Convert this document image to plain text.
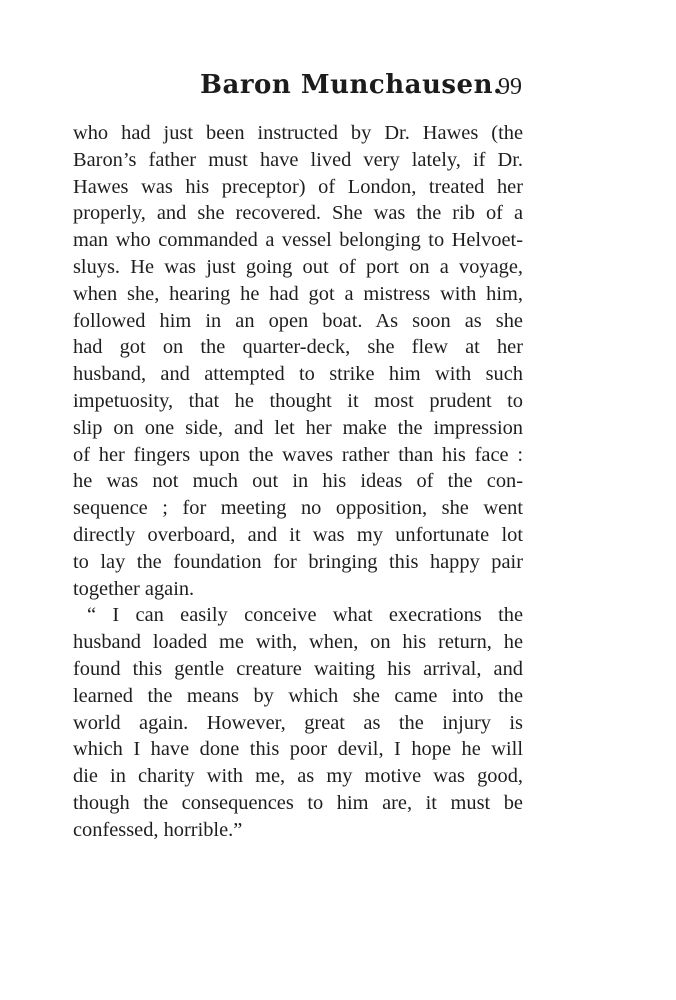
Baron Munchausen.
99
who had just been instructed by Dr. Hawes (the
Baron’s father must have lived very lately, if Dr.
Hawes was his preceptor) of London, treated her
properly, and she recovered. She was the rib of a
man who commanded a vessel belonging to Helvoet-
sluys. He was just going out of port on a voyage,
when she, hearing he had got a mistress with him,
followed him in an open boat. As soon as she
had got on the quarter-deck, she flew at her
husband, and attempted to strike him with such
impetuosity, that he thought it most prudent to
slip on one side, and let her make the impression
of her fingers upon the waves rather than his face :
he was not much out in his ideas of the con-
sequence ; for meeting no opposition, she went
directly overboard, and it was my unfortunate lot
to lay the foundation for bringing this happy pair
together again.
“ I can easily conceive what execrations the
husband loaded me with, when, on his return, he
found this gentle creature waiting his arrival, and
learned the means by which she came into the
world again. However, great as the injury is
which I have done this poor devil, I hope he will
die in charity with me, as my motive was good,
though the consequences to him are, it must be
confessed, horrible.”
